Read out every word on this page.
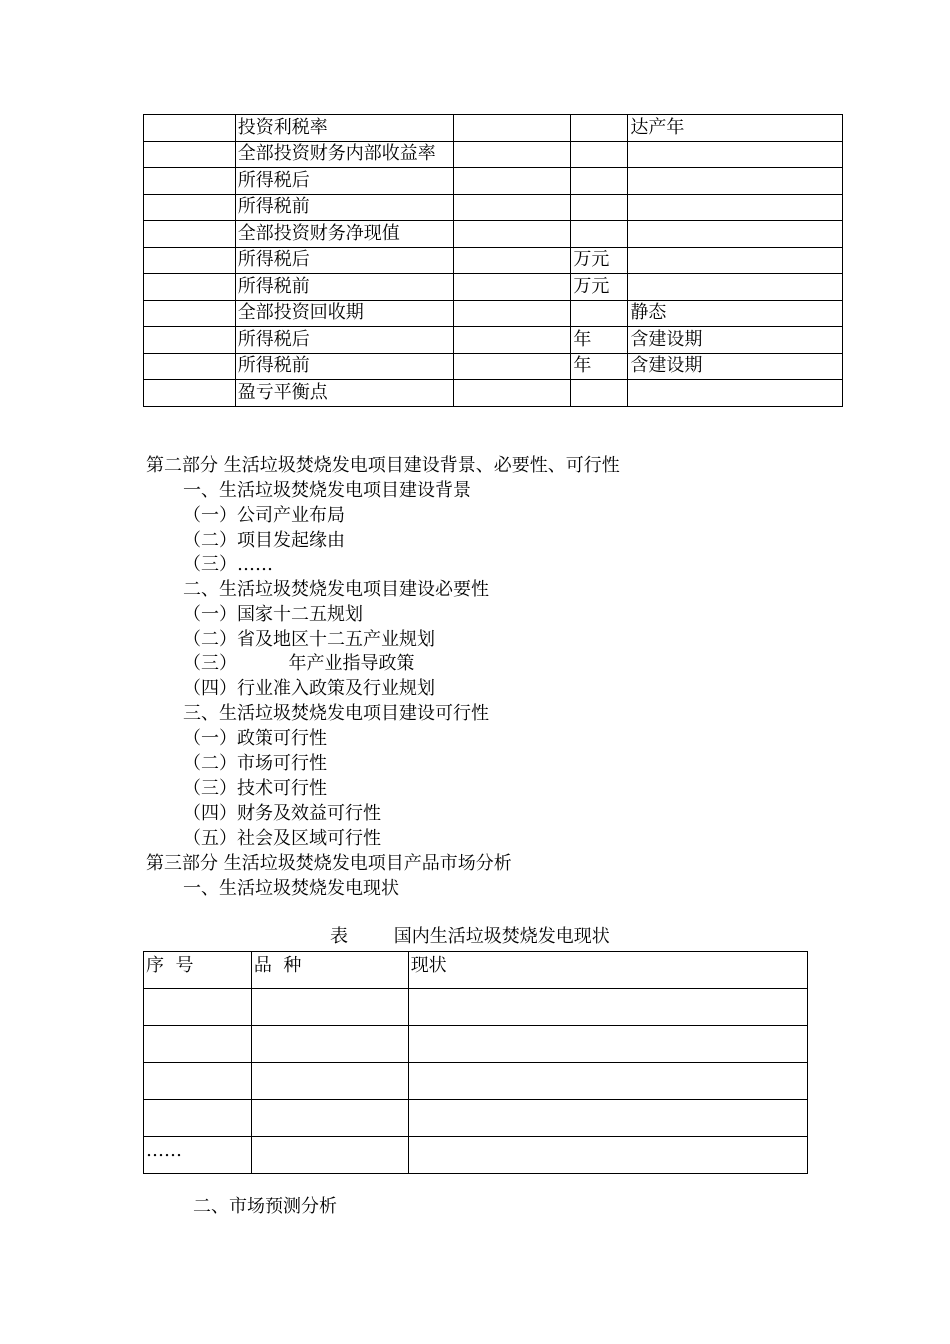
	投资利税率			达产年
	全部投资财务内部收益率			
	所得税后			
	所得税前			
	全部投资财务净现值			
	所得税后		万元	
	所得税前		万元	
	全部投资回收期			静态
	所得税后		年	含建设期
	所得税前		年	含建设期
	盈亏平衡点			
第二部分 生活垃圾焚烧发电项目建设背景、必要性、可行性
一、生活垃圾焚烧发电项目建设背景
（一）公司产业布局
（二）项目发起缘由
（三）……
二、生活垃圾焚烧发电项目建设必要性
（一）国家十二五规划
（二）省及地区十二五产业规划
（三）         年产业指导政策
（四）行业准入政策及行业规划
三、生活垃圾焚烧发电项目建设可行性
（一）政策可行性
（二）市场可行性
（三）技术可行性
（四）财务及效益可行性
（五）社会及区域可行性
第三部分 生活垃圾焚烧发电项目产品市场分析
一、生活垃圾焚烧发电现状
表        国内生活垃圾焚烧发电现状
序  号	品  种	现状

……		
二、市场预测分析
